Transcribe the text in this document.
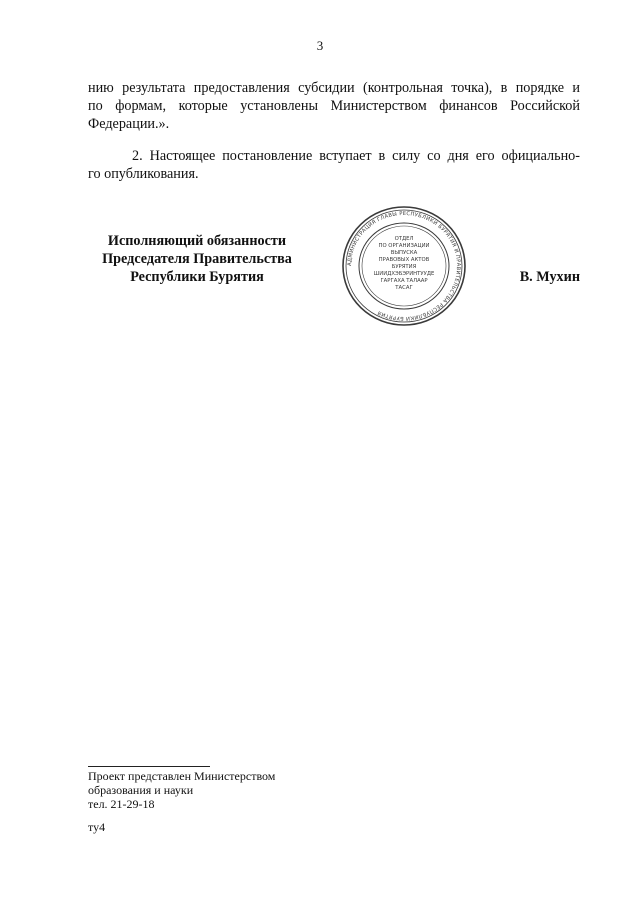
3
нию результата предоставления субсидии (контрольная точка), в порядке и
по формам, которые установлены Министерством финансов Российской
Федерации.».
2. Настоящее постановление вступает в силу со дня его официально-
го опубликования.
Исполняющий обязанности
Председателя Правительства
Республики Бурятия	В. Мухин
АДМИНИСТРАЦИЯ ГЛАВЫ РЕСПУБЛИКИ БУРЯТИЯ И ПРАВИТЕЛЬСТВА РЕСПУБЛИКИ БУРЯТИЯ
ОТДЕЛ
ПО ОРГАНИЗАЦИИ
ВЫПУСКА
ПРАВОВЫХ АКТОВ
БУРЯТИЯ
ШИИДХЭБЭРИНТУУДЕ
ГАРГАХА ТАЛААР
ТАСАГ
Проект представлен Министерством
образования и науки
тел. 21-29-18
ту4
